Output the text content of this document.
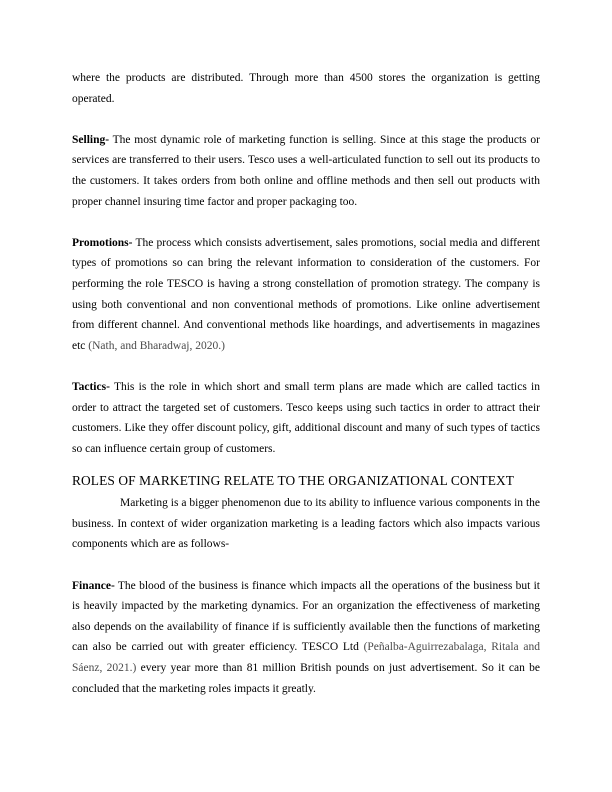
where the products are distributed. Through more than 4500 stores the organization is getting operated.

Selling- The most dynamic role of marketing function is selling. Since at this stage the products or services are transferred to their users. Tesco uses a well-articulated function to sell out its products to the customers. It takes orders from both online and offline methods and then sell out products with proper channel insuring time factor and proper packaging too.

Promotions- The process which consists advertisement, sales promotions, social media and different types of promotions so can bring the relevant information to consideration of the customers. For performing the role TESCO is having a strong constellation of promotion strategy. The company is using both conventional and non conventional methods of promotions. Like online advertisement from different channel. And conventional methods like hoardings, and advertisements in magazines etc (Nath, and Bharadwaj, 2020.)

Tactics- This is the role in which short and small term plans are made which are called tactics in order to attract the targeted set of customers. Tesco keeps using such tactics in order to attract their customers. Like they offer discount policy, gift, additional discount and many of such types of tactics so can influence certain group of customers.

ROLES OF MARKETING RELATE TO THE ORGANIZATIONAL CONTEXT

Marketing is a bigger phenomenon due to its ability to influence various components in the business. In context of wider organization marketing is a leading factors which also impacts various components which are as follows-

Finance- The blood of the business is finance which impacts all the operations of the business but it is heavily impacted by the marketing dynamics. For an organization the effectiveness of marketing also depends on the availability of finance if is sufficiently available then the functions of marketing can also be carried out with greater efficiency. TESCO Ltd (Peñalba-Aguirrezabalaga, Ritala and Sáenz, 2021.) every year more than 81 million British pounds on just advertisement. So it can be concluded that the marketing roles impacts it greatly.
